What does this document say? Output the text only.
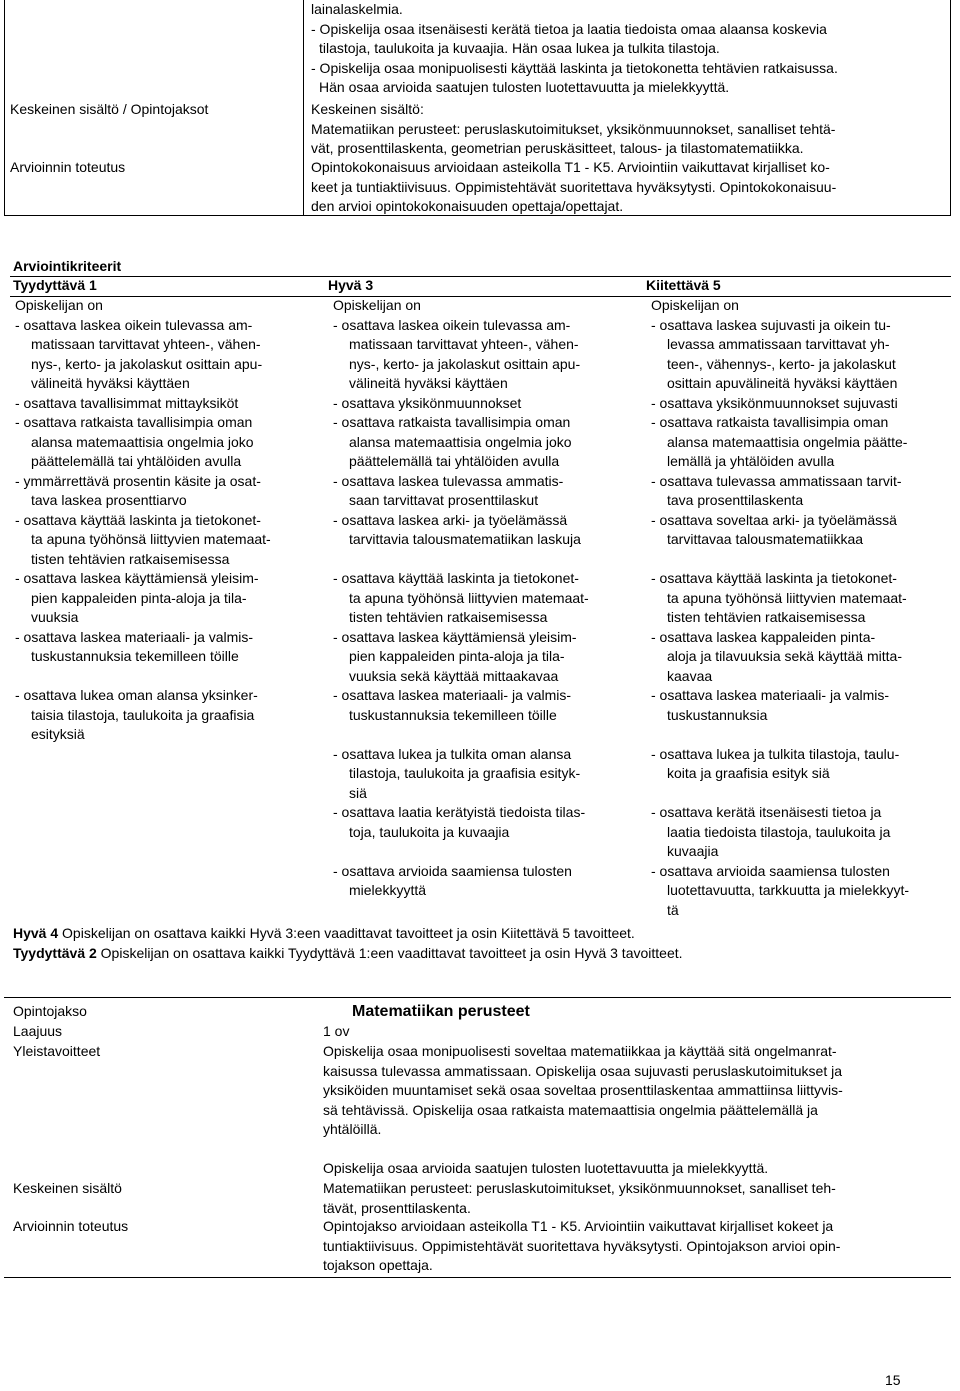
lainalaskelmia.
- Opiskelija osaa itsenäisesti kerätä tietoa ja laatia tiedoista omaa alaansa koskevia
tilastoja, taulukoita ja kuvaajia. Hän osaa lukea ja tulkita tilastoja.
- Opiskelija osaa monipuolisesti käyttää laskinta ja tietokonetta tehtävien ratkaisussa.
Hän osaa arvioida saatujen tulosten luotettavuutta ja mielekkyyttä.
Keskeinen sisältö / Opintojaksot
Arvioinnin toteutus
Keskeinen sisältö:
Matematiikan perusteet: peruslaskutoimitukset, yksikönmuunnokset, sanalliset tehtä-
vät, prosenttilaskenta, geometrian peruskäsitteet, talous- ja tilastomatematiikka.
Opintokokonaisuus arvioidaan asteikolla T1 - K5. Arviointiin vaikuttavat kirjalliset ko-
keet ja tuntiaktiivisuus. Oppimistehtävät suoritettava hyväksytysti. Opintokokonaisuu-
den arvioi opintokokonaisuuden opettaja/opettajat.
Arviointikriteerit
Tyydyttävä 1	Hyvä 3	Kiitettävä 5
Opiskelijan on
- osattava laskea oikein tulevassa am-
matissaan tarvittavat yhteen-, vähen-
nys-, kerto- ja jakolaskut osittain apu-
välineitä hyväksi käyttäen
- osattava tavallisimmat mittayksiköt
- osattava ratkaista tavallisimpia oman
alansa matemaattisia ongelmia joko
päättelemällä tai yhtälöiden avulla
- ymmärrettävä prosentin käsite ja osat-
tava laskea prosenttiarvo
- osattava käyttää laskinta ja tietokonet-
ta apuna työhönsä liittyvien matemaat-
tisten tehtävien ratkaisemisessa
- osattava laskea käyttämiensä yleisim-
pien kappaleiden pinta-aloja ja tila-
vuuksia
- osattava laskea materiaali- ja valmis-
tuskustannuksia tekemilleen töille

- osattava lukea oman alansa yksinker-
taisia tilastoja, taulukoita ja graafisia
esityksiä
Opiskelijan on
- osattava laskea oikein tulevassa am-
matissaan tarvittavat yhteen-, vähen-
nys-, kerto- ja jakolaskut osittain apu-
välineitä hyväksi käyttäen
- osattava yksikönmuunnokset
- osattava ratkaista tavallisimpia oman
alansa matemaattisia ongelmia joko
päättelemällä tai yhtälöiden avulla
- osattava laskea tulevassa ammatis-
saan tarvittavat prosenttilaskut
- osattava laskea arki- ja työelämässä
tarvittavia talousmatematiikan laskuja

- osattava käyttää laskinta ja tietokonet-
ta apuna työhönsä liittyvien matemaat-
tisten tehtävien ratkaisemisessa
- osattava laskea käyttämiensä yleisim-
pien kappaleiden pinta-aloja ja tila-
vuuksia sekä käyttää mittaakavaa
- osattava laskea materiaali- ja valmis-
tuskustannuksia tekemilleen töille

- osattava lukea ja tulkita oman alansa
tilastoja, taulukoita ja graafisia esityk-
siä
- osattava laatia kerätyistä tiedoista tilas-
toja, taulukoita ja kuvaajia

- osattava arvioida saamiensa tulosten
mielekkyyttä
Opiskelijan on
- osattava laskea sujuvasti ja oikein tu-
levassa ammatissaan tarvittavat yh-
teen-, vähennys-, kerto- ja jakolaskut
osittain apuvälineitä hyväksi käyttäen
- osattava yksikönmuunnokset sujuvasti
- osattava ratkaista tavallisimpia oman
alansa matemaattisia ongelmia päätte-
lemällä ja yhtälöiden avulla
- osattava tulevassa ammatissaan tarvit-
tava prosenttilaskenta
- osattava soveltaa arki- ja työelämässä
tarvittavaa talousmatematiikkaa

- osattava käyttää laskinta ja tietokonet-
ta apuna työhönsä liittyvien matemaat-
tisten tehtävien ratkaisemisessa
- osattava laskea kappaleiden pinta-
aloja ja tilavuuksia sekä käyttää mitta-
kaavaa
- osattava laskea materiaali- ja valmis-
tuskustannuksia

- osattava lukea ja tulkita tilastoja, taulu-
koita ja graafisia esityk siä

- osattava kerätä itsenäisesti tietoa ja
laatia tiedoista tilastoja, taulukoita ja
kuvaajia
- osattava arvioida saamiensa tulosten
luotettavuutta, tarkkuutta ja mielekkyyt-
tä
Hyvä 4 Opiskelijan on osattava kaikki Hyvä 3:een vaadittavat tavoitteet ja osin Kiitettävä 5 tavoitteet.
Tyydyttävä 2 Opiskelijan on osattava kaikki Tyydyttävä 1:een vaadittavat tavoitteet ja osin Hyvä 3 tavoitteet.
Opintojakso
Laajuus
Yleistavoitteet
Keskeinen sisältö
Arvioinnin toteutus
Matematiikan perusteet
1 ov
Opiskelija osaa monipuolisesti soveltaa matematiikkaa ja käyttää sitä ongelmanrat-
kaisussa tulevassa ammatissaan. Opiskelija osaa sujuvasti peruslaskutoimitukset ja
yksiköiden muuntamiset sekä osaa soveltaa prosenttilaskentaa ammattiinsa liittyvis-
sä tehtävissä. Opiskelija osaa ratkaista matemaattisia ongelmia päättelemällä ja
yhtälöillä.
Opiskelija osaa arvioida saatujen tulosten luotettavuutta ja mielekkyyttä.
Matematiikan perusteet: peruslaskutoimitukset, yksikönmuunnokset, sanalliset teh-
tävät, prosenttilaskenta.
Opintojakso arvioidaan asteikolla T1 - K5. Arviointiin vaikuttavat kirjalliset kokeet ja
tuntiaktiivisuus. Oppimistehtävät suoritettava hyväksytysti. Opintojakson arvioi opin-
tojakson opettaja.
15
